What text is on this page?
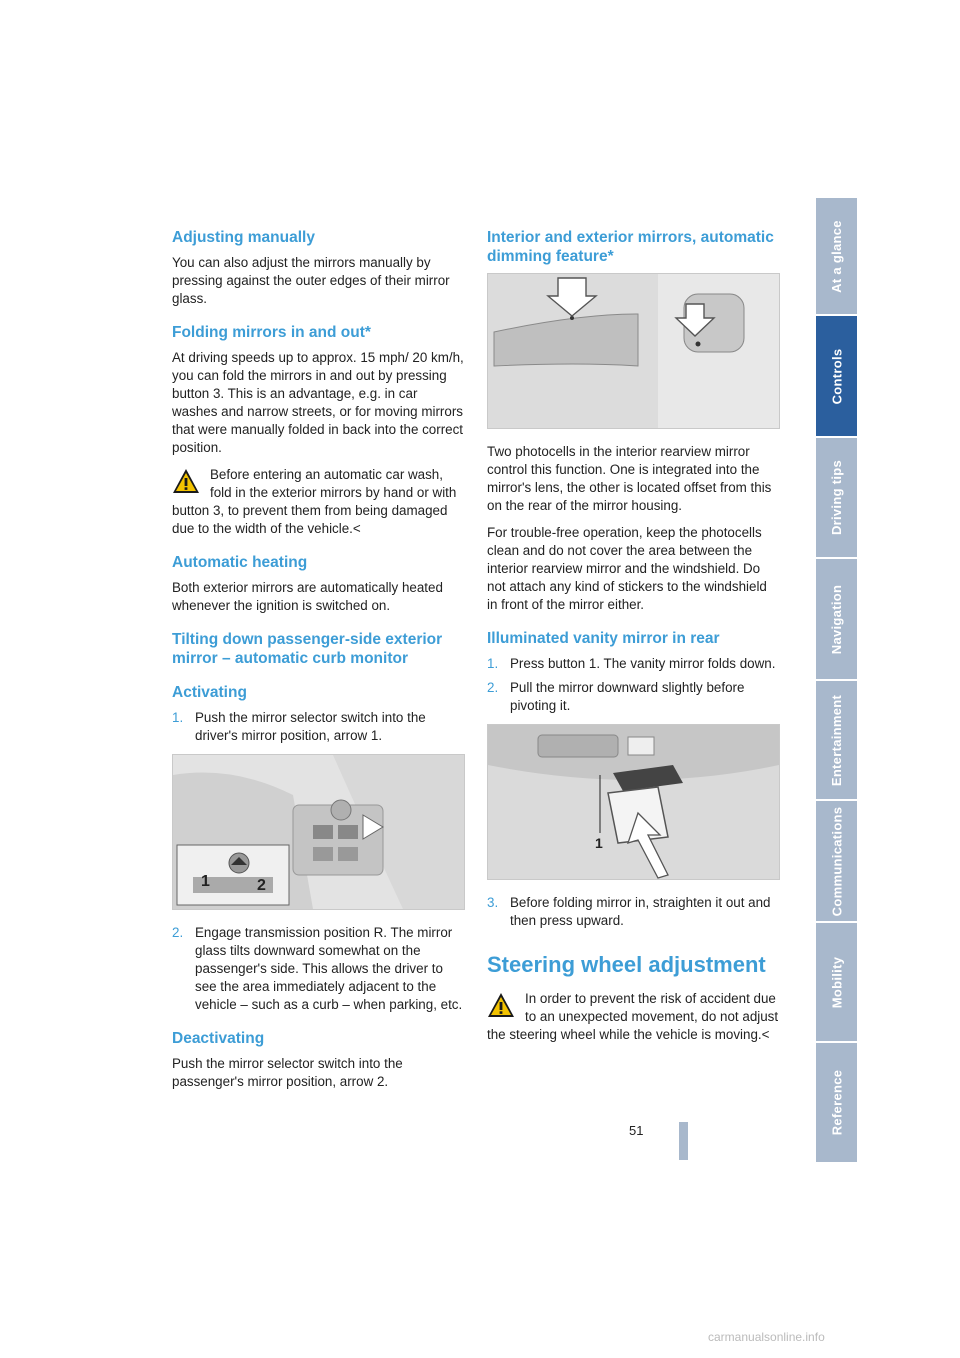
Adjusting manually

You can also adjust the mirrors manually by pressing against the outer edges of their mirror glass.

Folding mirrors in and out*

At driving speeds up to approx. 15 mph/ 20 km/h, you can fold the mirrors in and out by pressing button 3. This is an advantage, e.g. in car washes and narrow streets, or for moving mirrors that were manually folded in back into the correct position.

Before entering an automatic car wash, fold in the exterior mirrors by hand or with button 3, to prevent them from being damaged due to the width of the vehicle.<

Automatic heating

Both exterior mirrors are automatically heated whenever the ignition is switched on.

Tilting down passenger-side exterior mirror – automatic curb monitor
Activating
1. Push the mirror selector switch into the driver's mirror position, arrow 1.
1	2
2. Engage transmission position R. The mirror glass tilts downward somewhat on the passenger's side. This allows the driver to see the area immediately adjacent to the vehicle – such as a curb – when parking, etc.
Deactivating

Push the mirror selector switch into the passenger's mirror position, arrow 2.

Interior and exterior mirrors, automatic dimming feature*

Two photocells in the interior rearview mirror control this function. One is integrated into the mirror's lens, the other is located offset from this on the rear of the mirror housing.

For trouble-free operation, keep the photocells clean and do not cover the area between the interior rearview mirror and the windshield. Do not attach any kind of stickers to the windshield in front of the mirror either.

Illuminated vanity mirror in rear
1. Press button 1. The vanity mirror folds down.
2. Pull the mirror downward slightly before pivoting it.
1
3. Before folding mirror in, straighten it out and then press upward.
Steering wheel adjustment

In order to prevent the risk of accident due to an unexpected movement, do not adjust the steering wheel while the vehicle is moving.<

At a glance
Controls
Driving tips
Navigation
Entertainment
Communications
Mobility
Reference
51
carmanualsonline.info
